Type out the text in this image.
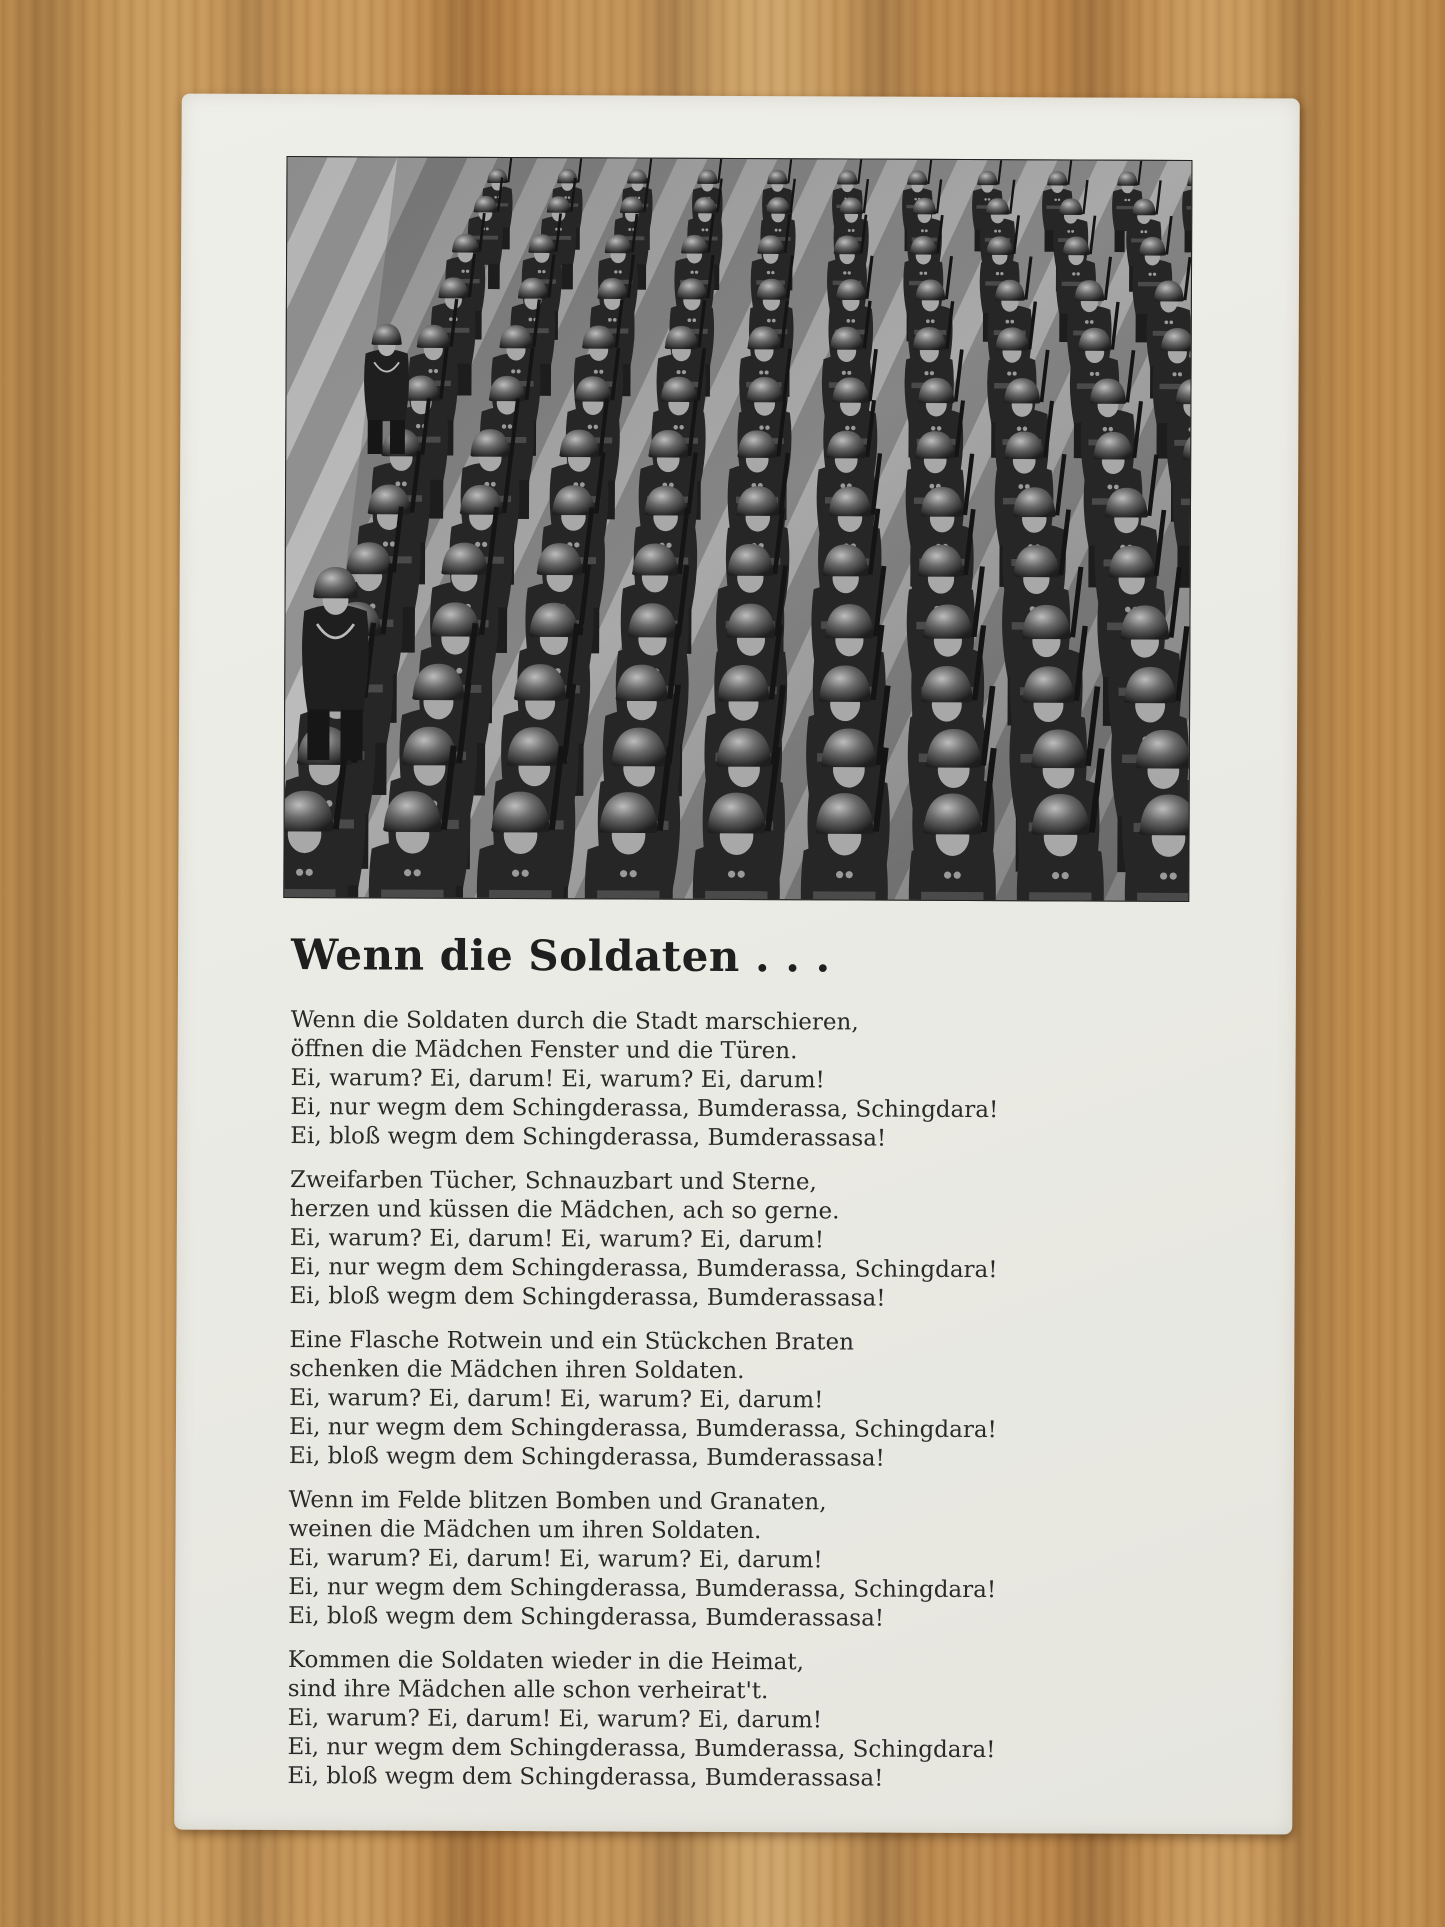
Wenn die Soldaten . . .
Wenn die Soldaten durch die Stadt marschieren,
öffnen die Mädchen Fenster und die Türen.
Ei, warum? Ei, darum! Ei, warum? Ei, darum!
Ei, nur wegm dem Schingderassa, Bumderassa, Schingdara!
Ei, bloß wegm dem Schingderassa, Bumderassasa!
Zweifarben Tücher, Schnauzbart und Sterne,
herzen und küssen die Mädchen, ach so gerne.
Ei, warum? Ei, darum! Ei, warum? Ei, darum!
Ei, nur wegm dem Schingderassa, Bumderassa, Schingdara!
Ei, bloß wegm dem Schingderassa, Bumderassasa!
Eine Flasche Rotwein und ein Stückchen Braten
schenken die Mädchen ihren Soldaten.
Ei, warum? Ei, darum! Ei, warum? Ei, darum!
Ei, nur wegm dem Schingderassa, Bumderassa, Schingdara!
Ei, bloß wegm dem Schingderassa, Bumderassasa!
Wenn im Felde blitzen Bomben und Granaten,
weinen die Mädchen um ihren Soldaten.
Ei, warum? Ei, darum! Ei, warum? Ei, darum!
Ei, nur wegm dem Schingderassa, Bumderassa, Schingdara!
Ei, bloß wegm dem Schingderassa, Bumderassasa!
Kommen die Soldaten wieder in die Heimat,
sind ihre Mädchen alle schon verheirat't.
Ei, warum? Ei, darum! Ei, warum? Ei, darum!
Ei, nur wegm dem Schingderassa, Bumderassa, Schingdara!
Ei, bloß wegm dem Schingderassa, Bumderassasa!
